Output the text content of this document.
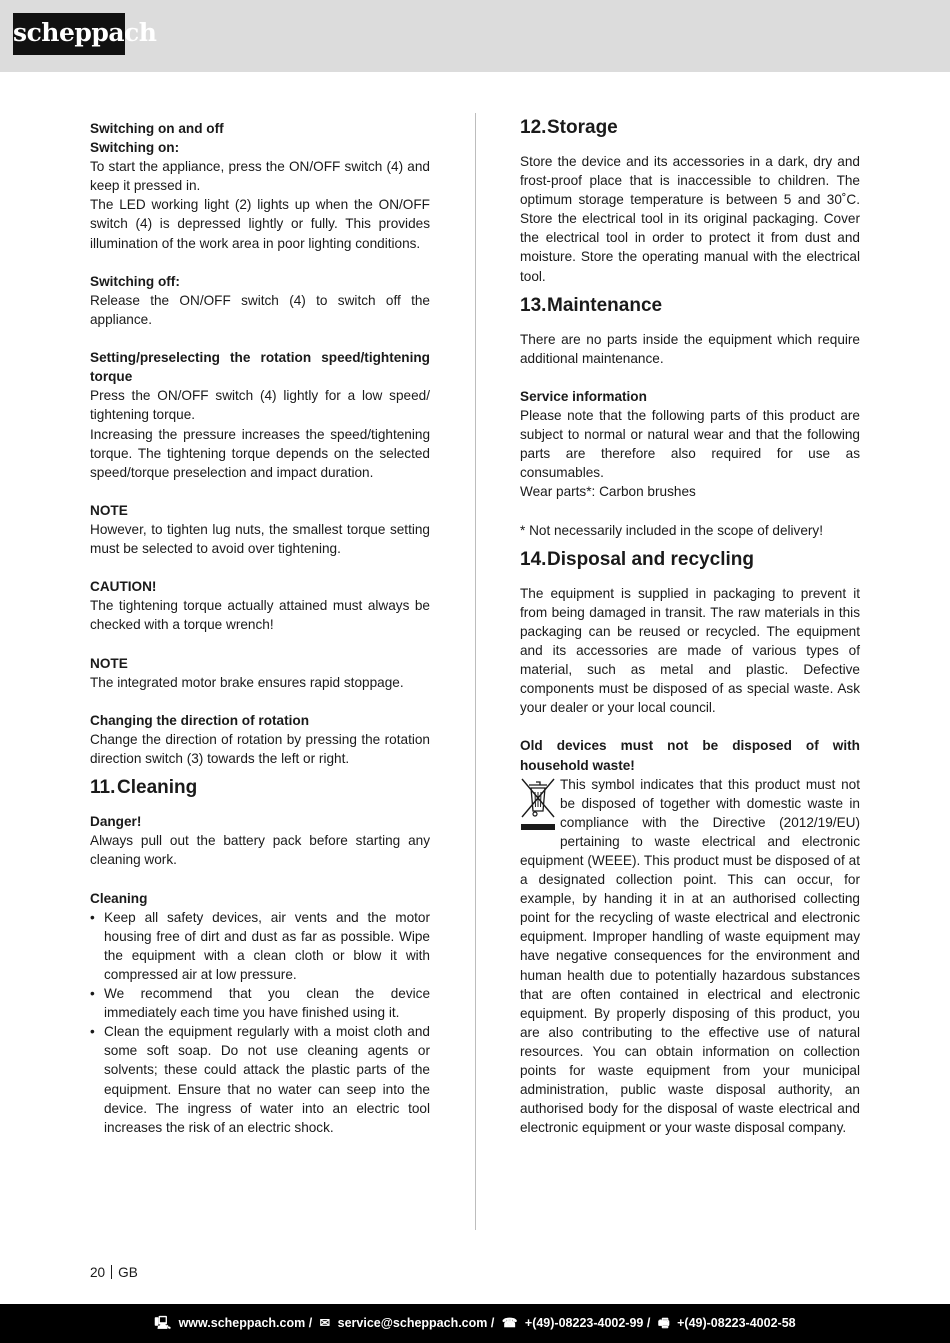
scheppach

Switching on and off

Switching on:

To start the appliance, press the ON/OFF switch (4) and keep it pressed in.

The LED working light (2) lights up when the ON/OFF switch (4) is depressed lightly or fully. This provides illumination of the work area in poor lighting conditions.

Switching off:

Release the ON/OFF switch (4) to switch off the appliance.

Setting/preselecting the rotation speed/tightening torque

Press the ON/OFF switch (4) lightly for a low speed/ tightening torque.

Increasing the pressure increases the speed/tightening torque. The tightening torque depends on the selected speed/torque preselection and impact duration.

NOTE

However, to tighten lug nuts, the smallest torque setting must be selected to avoid over tightening.

CAUTION!

The tightening torque actually attained must always be checked with a torque wrench!

NOTE

The integrated motor brake ensures rapid stoppage.

Changing the direction of rotation

Change the direction of rotation by pressing the rotation direction switch (3) towards the left or right.

11.Cleaning

Danger!

Always pull out the battery pack before starting any cleaning work.

Cleaning

• Keep all safety devices, air vents and the motor housing free of dirt and dust as far as possible. Wipe the equipment with a clean cloth or blow it with compressed air at low pressure.
• We recommend that you clean the device immediately each time you have finished using it.
• Clean the equipment regularly with a moist cloth and some soft soap. Do not use cleaning agents or solvents; these could attack the plastic parts of the equipment. Ensure that no water can seep into the device. The ingress of water into an electric tool increases the risk of an electric shock.
12.Storage

Store the device and its accessories in a dark, dry and frost-proof place that is inaccessible to children. The optimum storage temperature is between 5 and 30˚C. Store the electrical tool in its original packaging. Cover the electrical tool in order to protect it from dust and moisture. Store the operating manual with the electrical tool.

13.Maintenance

There are no parts inside the equipment which require additional maintenance.

Service information

Please note that the following parts of this product are subject to normal or natural wear and that the following parts are therefore also required for use as consumables.

Wear parts*: Carbon brushes

* Not necessarily included in the scope of delivery!

14.Disposal and recycling

The equipment is supplied in packaging to prevent it from being damaged in transit. The raw materials in this packaging can be reused or recycled. The equipment and its accessories are made of various types of material, such as metal and plastic. Defective components must be disposed of as special waste. Ask your dealer or your local council.

Old devices must not be disposed of with household waste!

This symbol indicates that this product must not be disposed of together with domestic waste in compliance with the Directive (2012/19/EU) pertaining to waste electrical and electronic equipment (WEEE). This product must be disposed of at a designated collection point. This can occur, for example, by handing it in at an authorised collecting point for the recycling of waste electrical and electronic equipment. Improper handling of waste equipment may have negative consequences for the environment and human health due to potentially hazardous substances that are often contained in electrical and electronic equipment. By properly disposing of this product, you are also contributing to the effective use of natural resources. You can obtain information on collection points for waste equipment from your municipal administration, public waste disposal authority, an authorised body for the disposal of waste electrical and electronic equipment or your waste disposal company.

20 GB
🖳 www.scheppach.com / ✉ service@scheppach.com / ☎ +(49)-08223-4002-99 / 🖷 +(49)-08223-4002-58
